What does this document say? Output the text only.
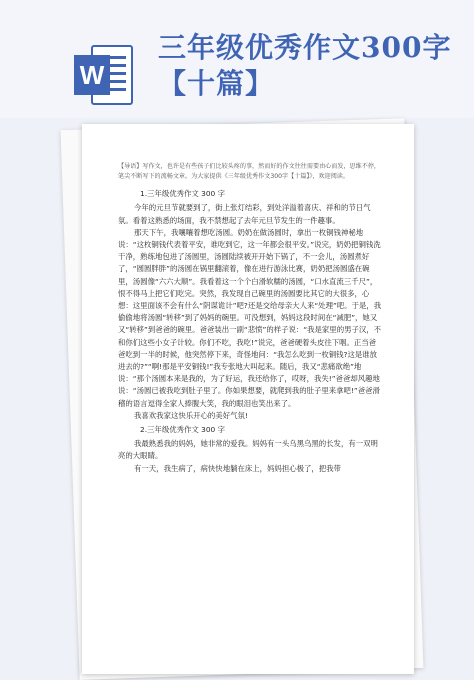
W
三年级优秀作文300字【十篇】
【导语】写作文，也许是有些孩子们比较头疼的事，然而好的作文往往需要由心而发，思维不停，笔尖不断写下的流畅文章。为大家提供《三年级优秀作文300字【十篇】》，欢迎阅读。
1.三年级优秀作文 300 字

今年的元旦节就要到了，街上张灯结彩，到处洋溢着喜庆、祥和的节日气氛。看着这熟悉的场面，我不禁想起了去年元旦节发生的一件趣事。

那天下午，我嚷嚷着想吃汤圆。奶奶在做汤圆时，拿出一枚铜钱神秘地说：“这枚铜钱代表着平安，谁吃到它，这一年都会很平安。”说完，奶奶把铜钱洗干净，熟练地包进了汤圆里，汤圆陆续被开开始下锅了，不一会儿，汤圆煮好了，“圆圆胖胖”的汤圆在锅里翻滚着，像在进行游泳比赛，奶奶把汤圆盛在碗里，汤圆像“六六大顺”。我看着这一个个白滑软糯的汤圆，“口水直流三千尺”，恨不得马上把它们吃完。突然，我发现自己碗里的汤圆要比其它的大很多，心想：这里面该不会有什么“阴谋诡计”吧?还是交给母亲大人来“处理”吧。于是，我偷偷地将汤圆“转移”到了妈妈的碗里。可没想到，妈妈这段时间在“减肥”，她又又“转移”到爸爸的碗里。爸爸装出一副“悲愤”的样子说：“我是家里的男子汉，不和你们这些小女子计较。你们不吃，我吃!”说完，爸爸硬着头皮往下咽。正当爸爸吃到一半的时候，他突然停下来，奇怪地问：“我怎么吃到一枚铜钱?这是谁放进去的?”“啊!那是平安铜钱!”我专张地大叫起来。随后，我又“悲痛欲绝”地说：“那个汤圆本来是我的，为了好运，我还给你了，哎呀，我失!”爸爸却风趣地说：“汤圆已被我吃到肚子里了。你如果想要，就爬到我的肚子里来拿吧!”爸爸滑稽的语言逗得全家人捧腹大笑，我的眼泪也笑出来了。

我喜欢我家这快乐开心的美好气氛!

2.三年级优秀作文 300 字

我最熟悉我的妈妈，她非常的爱我。妈妈有一头乌黑乌黑的长发，有一双明亮的大眼睛。

有一天，我生病了，病快快地躺在床上，妈妈担心极了，把我带
